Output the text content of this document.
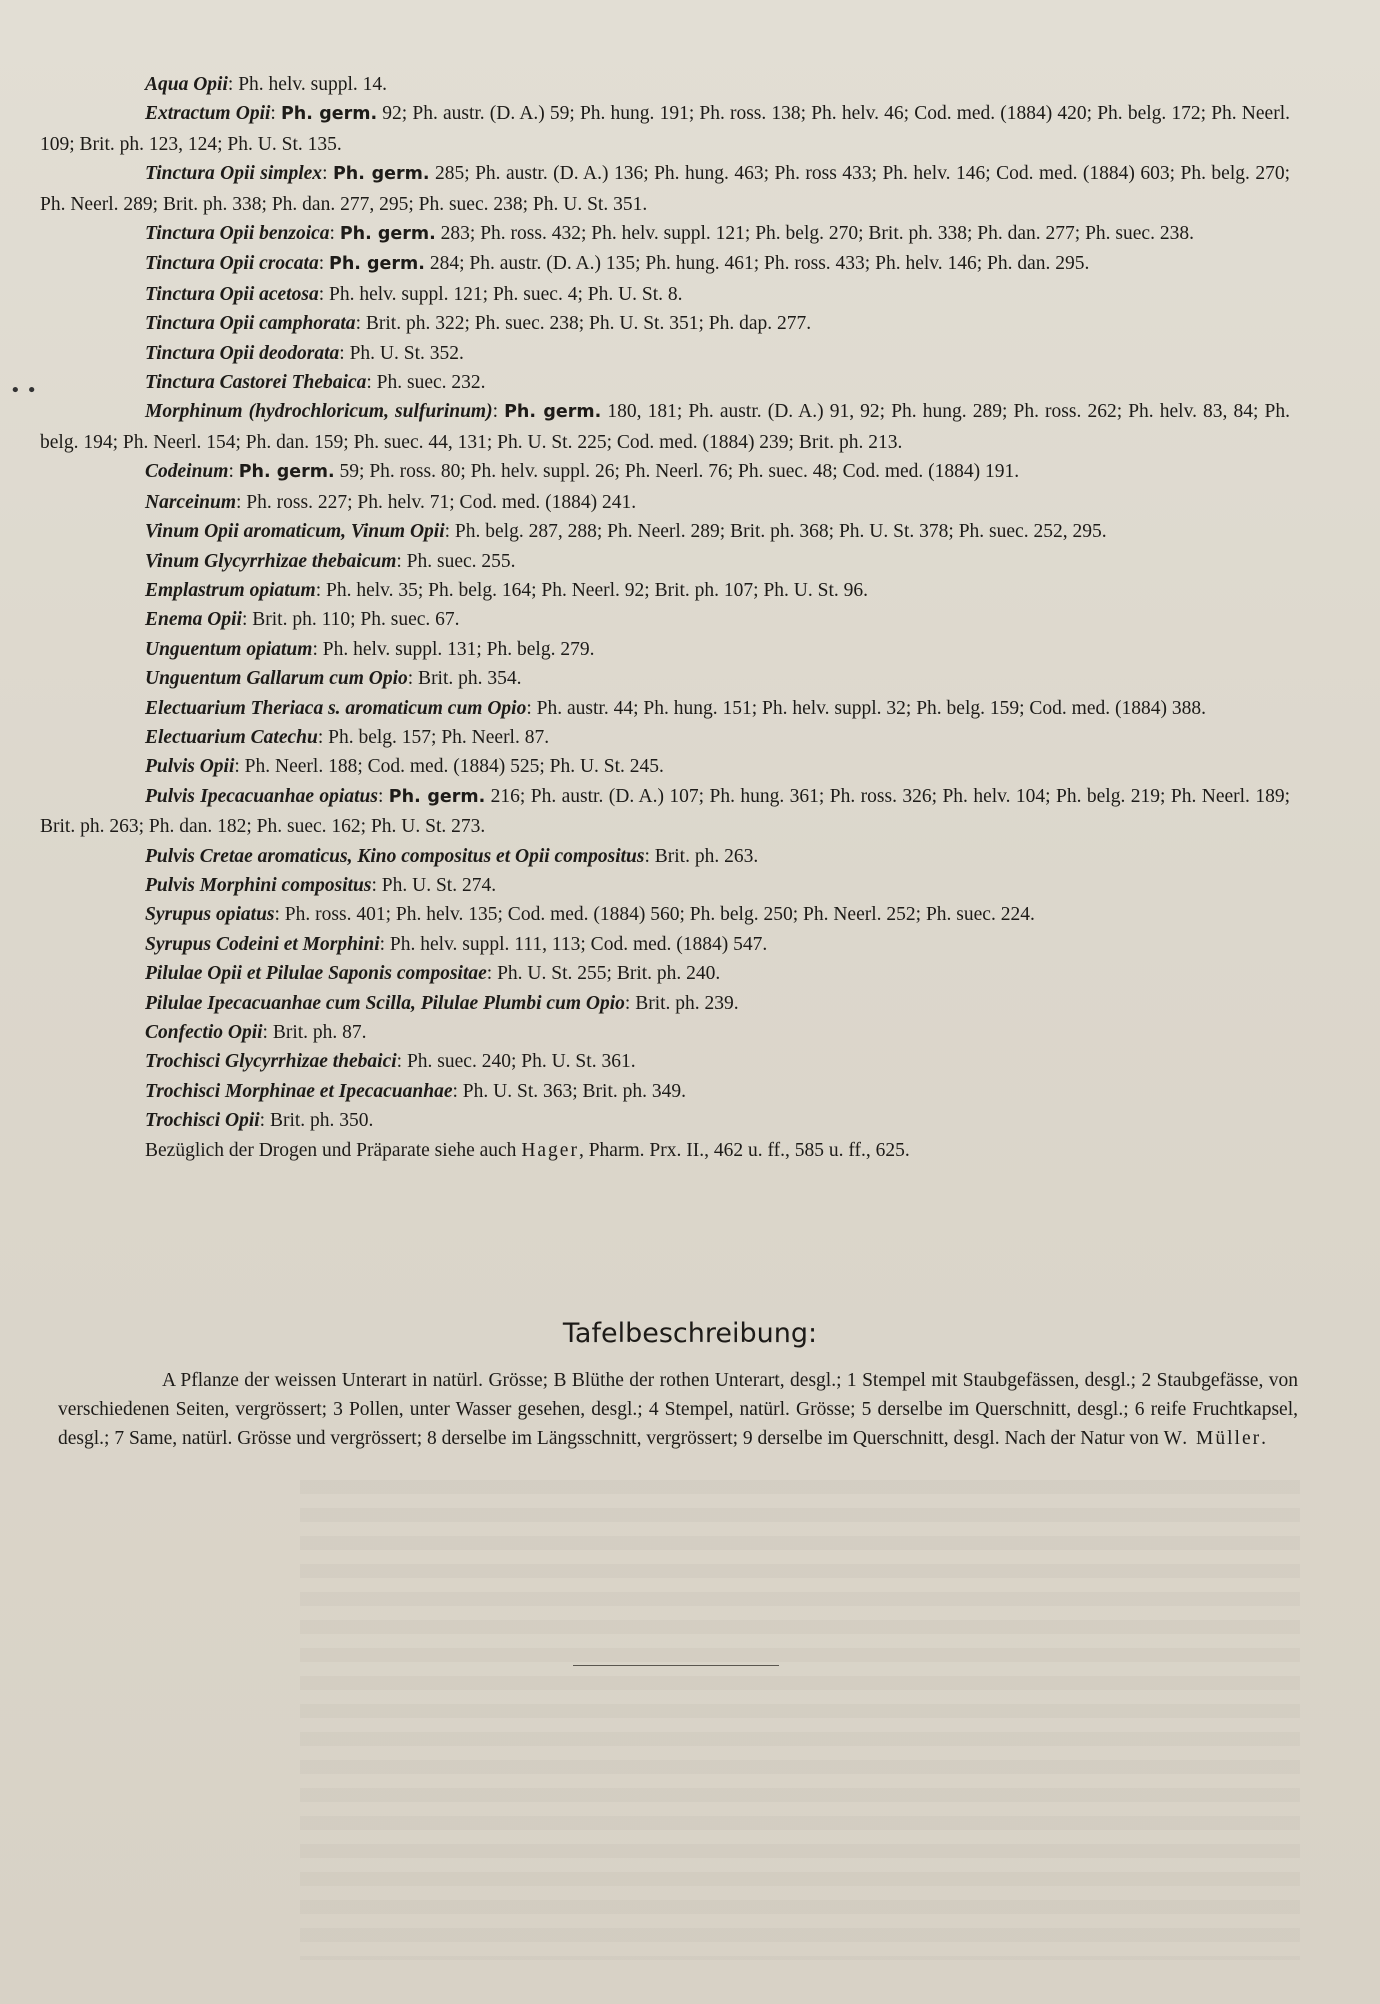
• •

Aqua Opii: Ph. helv. suppl. 14.

Extractum Opii: Ph. germ. 92; Ph. austr. (D. A.) 59; Ph. hung. 191; Ph. ross. 138; Ph. helv. 46; Cod. med. (1884) 420; Ph. belg. 172; Ph. Neerl. 109; Brit. ph. 123, 124; Ph. U. St. 135.

Tinctura Opii simplex: Ph. germ. 285; Ph. austr. (D. A.) 136; Ph. hung. 463; Ph. ross 433; Ph. helv. 146; Cod. med. (1884) 603; Ph. belg. 270; Ph. Neerl. 289; Brit. ph. 338; Ph. dan. 277, 295; Ph. suec. 238; Ph. U. St. 351.

Tinctura Opii benzoica: Ph. germ. 283; Ph. ross. 432; Ph. helv. suppl. 121; Ph. belg. 270; Brit. ph. 338; Ph. dan. 277; Ph. suec. 238.

Tinctura Opii crocata: Ph. germ. 284; Ph. austr. (D. A.) 135; Ph. hung. 461; Ph. ross. 433; Ph. helv. 146; Ph. dan. 295.

Tinctura Opii acetosa: Ph. helv. suppl. 121; Ph. suec. 4; Ph. U. St. 8.

Tinctura Opii camphorata: Brit. ph. 322; Ph. suec. 238; Ph. U. St. 351; Ph. dap. 277.

Tinctura Opii deodorata: Ph. U. St. 352.

Tinctura Castorei Thebaica: Ph. suec. 232.

Morphinum (hydrochloricum, sulfurinum): Ph. germ. 180, 181; Ph. austr. (D. A.) 91, 92; Ph. hung. 289; Ph. ross. 262; Ph. helv. 83, 84; Ph. belg. 194; Ph. Neerl. 154; Ph. dan. 159; Ph. suec. 44, 131; Ph. U. St. 225; Cod. med. (1884) 239; Brit. ph. 213.

Codeinum: Ph. germ. 59; Ph. ross. 80; Ph. helv. suppl. 26; Ph. Neerl. 76; Ph. suec. 48; Cod. med. (1884) 191.

Narceinum: Ph. ross. 227; Ph. helv. 71; Cod. med. (1884) 241.

Vinum Opii aromaticum, Vinum Opii: Ph. belg. 287, 288; Ph. Neerl. 289; Brit. ph. 368; Ph. U. St. 378; Ph. suec. 252, 295.

Vinum Glycyrrhizae thebaicum: Ph. suec. 255.

Emplastrum opiatum: Ph. helv. 35; Ph. belg. 164; Ph. Neerl. 92; Brit. ph. 107; Ph. U. St. 96.

Enema Opii: Brit. ph. 110; Ph. suec. 67.

Unguentum opiatum: Ph. helv. suppl. 131; Ph. belg. 279.

Unguentum Gallarum cum Opio: Brit. ph. 354.

Electuarium Theriaca s. aromaticum cum Opio: Ph. austr. 44; Ph. hung. 151; Ph. helv. suppl. 32; Ph. belg. 159; Cod. med. (1884) 388.

Electuarium Catechu: Ph. belg. 157; Ph. Neerl. 87.

Pulvis Opii: Ph. Neerl. 188; Cod. med. (1884) 525; Ph. U. St. 245.

Pulvis Ipecacuanhae opiatus: Ph. germ. 216; Ph. austr. (D. A.) 107; Ph. hung. 361; Ph. ross. 326; Ph. helv. 104; Ph. belg. 219; Ph. Neerl. 189; Brit. ph. 263; Ph. dan. 182; Ph. suec. 162; Ph. U. St. 273.

Pulvis Cretae aromaticus, Kino compositus et Opii compositus: Brit. ph. 263.

Pulvis Morphini compositus: Ph. U. St. 274.

Syrupus opiatus: Ph. ross. 401; Ph. helv. 135; Cod. med. (1884) 560; Ph. belg. 250; Ph. Neerl. 252; Ph. suec. 224.

Syrupus Codeini et Morphini: Ph. helv. suppl. 111, 113; Cod. med. (1884) 547.

Pilulae Opii et Pilulae Saponis compositae: Ph. U. St. 255; Brit. ph. 240.

Pilulae Ipecacuanhae cum Scilla, Pilulae Plumbi cum Opio: Brit. ph. 239.

Confectio Opii: Brit. ph. 87.

Trochisci Glycyrrhizae thebaici: Ph. suec. 240; Ph. U. St. 361.

Trochisci Morphinae et Ipecacuanhae: Ph. U. St. 363; Brit. ph. 349.

Trochisci Opii: Brit. ph. 350.

Bezüglich der Drogen und Präparate siehe auch Hager, Pharm. Prx. II., 462 u. ff., 585 u. ff., 625.

Tafelbeschreibung:

A Pflanze der weissen Unterart in natürl. Grösse; B Blüthe der rothen Unterart, desgl.; 1 Stempel mit Staubgefässen, desgl.; 2 Staubgefässe, von verschiedenen Seiten, vergrössert; 3 Pollen, unter Wasser gesehen, desgl.; 4 Stempel, natürl. Grösse; 5 derselbe im Querschnitt, desgl.; 6 reife Fruchtkapsel, desgl.; 7 Same, natürl. Grösse und vergrössert; 8 derselbe im Längsschnitt, vergrössert; 9 derselbe im Querschnitt, desgl. Nach der Natur von W. Müller.
